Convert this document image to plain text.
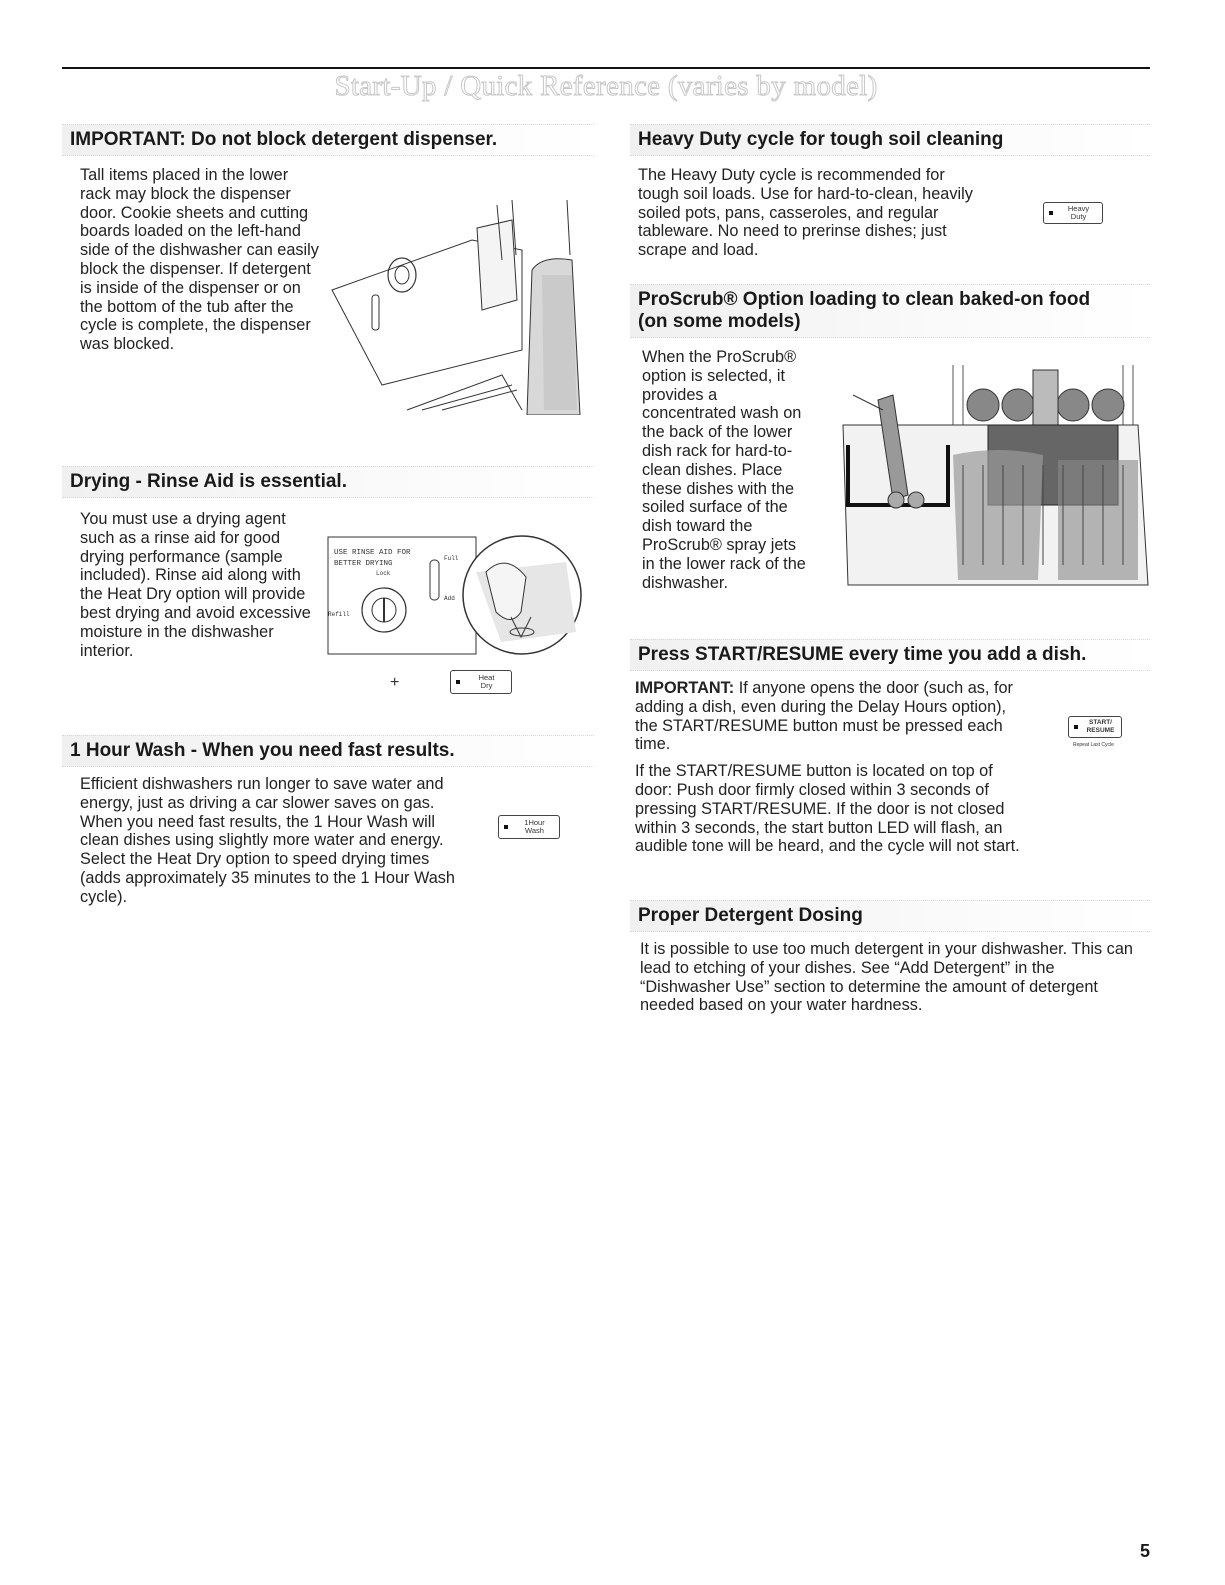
Start-Up / Quick Reference (varies by model)
IMPORTANT: Do not block detergent dispenser.
Tall items placed in the lower rack may block the dispenser door. Cookie sheets and cutting boards loaded on the left-hand side of the dishwasher can easily block the dispenser. If detergent is inside of the dispenser or on the bottom of the tub after the cycle is complete, the dispenser was blocked.
Drying - Rinse Aid is essential.
You must use a drying agent such as a rinse aid for good drying performance (sample included). Rinse aid along with the Heat Dry option will provide best drying and avoid excessive moisture in the dishwasher interior.
USE RINSE AID FOR
BETTER DRYING
Lock
Refill
Full
Add
+	Heat
Dry
1 Hour Wash - When you need fast results.
Efficient dishwashers run longer to save water and energy, just as driving a car slower saves on gas. When you need fast results, the 1 Hour Wash will clean dishes using slightly more water and energy. Select the Heat Dry option to speed drying times (adds approximately 35 minutes to the 1 Hour Wash cycle).
1Hour
Wash
Heavy Duty cycle for tough soil cleaning
The Heavy Duty cycle is recommended for tough soil loads. Use for hard-to-clean, heavily soiled pots, pans, casseroles, and regular tableware. No need to prerinse dishes; just scrape and load.
Heavy
Duty
ProScrub® Option loading to clean baked-on food
(on some models)
When the ProScrub® option is selected, it provides a concentrated wash on the back of the lower dish rack for hard-to-clean dishes. Place these dishes with the soiled surface of the dish toward the ProScrub® spray jets in the lower rack of the dishwasher.
Press START/RESUME every time you add a dish.

IMPORTANT: If anyone opens the door (such as, for adding a dish, even during the Delay Hours option), the START/RESUME button must be pressed each time.

If the START/RESUME button is located on top of door: Push door firmly closed within 3 seconds of pressing START/RESUME. If the door is not closed within 3 seconds, the start button LED will flash, an audible tone will be heard, and the cycle will not start.

START/
RESUME
Repeat Last Cycle
Proper Detergent Dosing
It is possible to use too much detergent in your dishwasher. This can lead to etching of your dishes. See “Add Detergent” in the “Dishwasher Use” section to determine the amount of detergent needed based on your water hardness.
5
